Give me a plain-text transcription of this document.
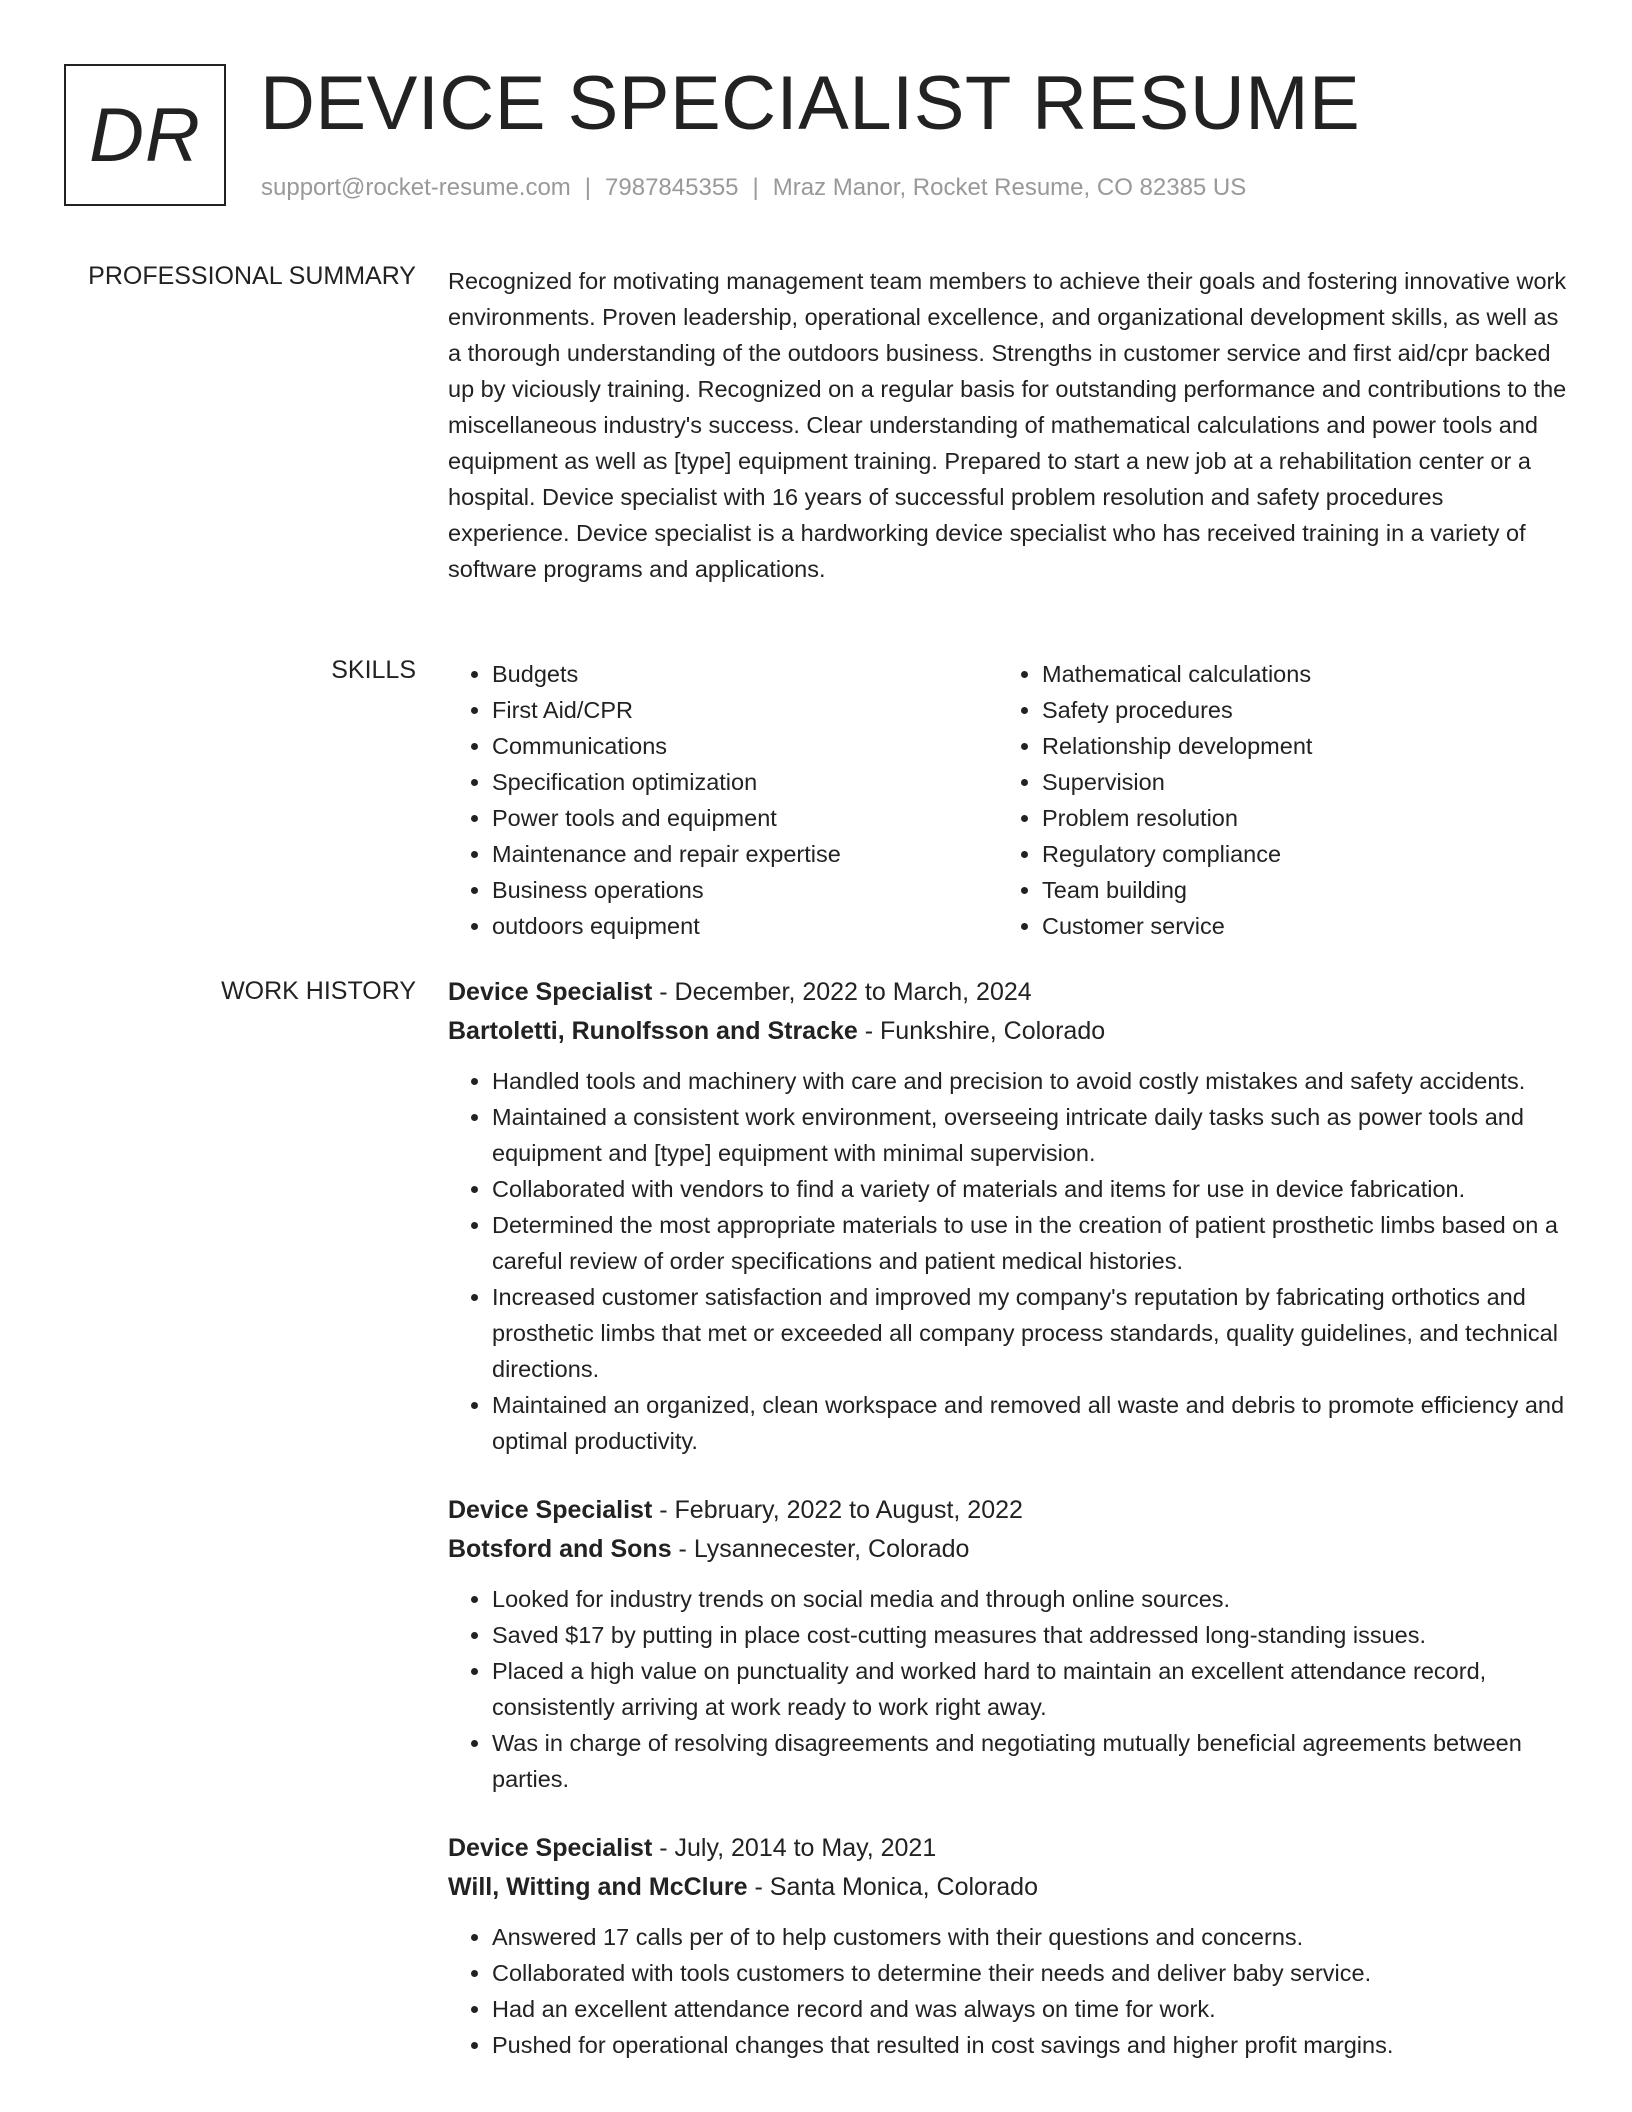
DR DEVICE SPECIALIST RESUME
support@rocket-resume.com | 7987845355 | Mraz Manor, Rocket Resume, CO 82385 US
PROFESSIONAL SUMMARY Recognized for motivating management team members to achieve their goals and fostering innovative work environments. Proven leadership, operational excellence, and organizational development skills, as well as a thorough understanding of the outdoors business. Strengths in customer service and first aid/cpr backed up by viciously training. Recognized on a regular basis for outstanding performance and contributions to the miscellaneous industry's success. Clear understanding of mathematical calculations and power tools and equipment as well as [type] equipment training. Prepared to start a new job at a rehabilitation center or a hospital. Device specialist with 16 years of successful problem resolution and safety procedures experience. Device specialist is a hardworking device specialist who has received training in a variety of software programs and applications.

SKILLS
•	Budgets
• First Aid/CPR
• Communications
• Specification optimization
• Power tools and equipment
• Maintenance and repair expertise
• Business operations
• outdoors equipment
• Mathematical calculations
• Safety procedures
• Relationship development
• Supervision
• Problem resolution
• Regulatory compliance
• Team building
• Customer service
WORK HISTORY Device Specialist - December, 2022 to March, 2024
Bartoletti, Runolfsson and Stracke - Funkshire, Colorado
• Handled tools and machinery with care and precision to avoid costly mistakes and safety accidents.
• Maintained a consistent work environment, overseeing intricate daily tasks such as power tools and equipment and [type] equipment with minimal supervision.
• Collaborated with vendors to find a variety of materials and items for use in device fabrication.
• Determined the most appropriate materials to use in the creation of patient prosthetic limbs based on a careful review of order specifications and patient medical histories.
• Increased customer satisfaction and improved my company's reputation by fabricating orthotics and prosthetic limbs that met or exceeded all company process standards, quality guidelines, and technical directions.
• Maintained an organized, clean workspace and removed all waste and debris to promote efficiency and optimal productivity.
Device Specialist - February, 2022 to August, 2022
Botsford and Sons - Lysannecester, Colorado
• Looked for industry trends on social media and through online sources.
• Saved $17 by putting in place cost-cutting measures that addressed long-standing issues.
• Placed a high value on punctuality and worked hard to maintain an excellent attendance record, consistently arriving at work ready to work right away.
• Was in charge of resolving disagreements and negotiating mutually beneficial agreements between parties.
Device Specialist - July, 2014 to May, 2021
Will, Witting and McClure - Santa Monica, Colorado
• Answered 17 calls per of to help customers with their questions and concerns.
• Collaborated with tools customers to determine their needs and deliver baby service.
• Had an excellent attendance record and was always on time for work.
• Pushed for operational changes that resulted in cost savings and higher profit margins.
